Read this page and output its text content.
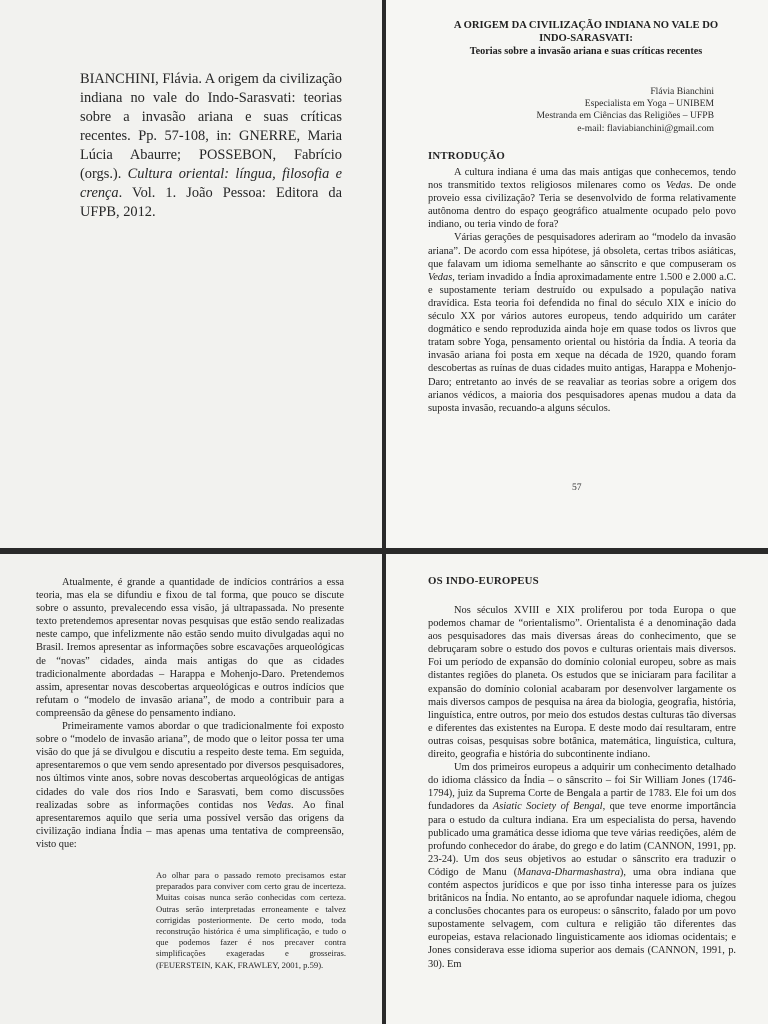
BIANCHINI, Flávia. A origem da civilização indiana no vale do Indo-Sarasvati: teorias sobre a invasão ariana e suas críticas recentes. Pp. 57-108, in: GNERRE, Maria Lúcia Abaurre; POSSEBON, Fabrício (orgs.). Cultura oriental: língua, filosofia e crença. Vol. 1. João Pessoa: Editora da UFPB, 2012.
A ORIGEM DA CIVILIZAÇÃO INDIANA NO VALE DO
INDO-SARASVATI:
Teorias sobre a invasão ariana e suas críticas recentes
Flávia Bianchini
Especialista em Yoga – UNIBEM
Mestranda em Ciências das Religiões – UFPB
e-mail: flaviabianchini@gmail.com
INTRODUÇÃO

A cultura indiana é uma das mais antigas que conhecemos, tendo nos transmitido textos religiosos milenares como os Vedas. De onde proveio essa civilização? Teria se desenvolvido de forma relativamente autônoma dentro do espaço geográfico atualmente ocupado pelo povo indiano, ou teria vindo de fora?

Várias gerações de pesquisadores aderiram ao “modelo da invasão ariana”. De acordo com essa hipótese, já obsoleta, certas tribos asiáticas, que falavam um idioma semelhante ao sânscrito e que compuseram os Vedas, teriam invadido a Índia aproximadamente entre 1.500 e 2.000 a.C. e supostamente teriam destruído ou expulsado a população nativa dravídica. Esta teoria foi defendida no final do século XIX e início do século XX por vários autores europeus, tendo adquirido um caráter dogmático e sendo reproduzida ainda hoje em quase todos os livros que tratam sobre Yoga, pensamento oriental ou história da Índia. A teoria da invasão ariana foi posta em xeque na década de 1920, quando foram descobertas as ruínas de duas cidades muito antigas, Harappa e Mohenjo-Daro; entretanto ao invés de se reavaliar as teorias sobre a origem dos arianos védicos, a maioria dos pesquisadores apenas mudou a data da suposta invasão, recuando-a alguns séculos.

57

Atualmente, é grande a quantidade de indícios contrários a essa teoria, mas ela se difundiu e fixou de tal forma, que pouco se discute sobre o assunto, prevalecendo essa visão, já ultrapassada. No presente texto pretendemos apresentar novas pesquisas que estão sendo realizadas neste campo, que infelizmente não estão sendo muito divulgadas aqui no Brasil. Iremos apresentar as informações sobre escavações arqueológicas de “novas” cidades, ainda mais antigas do que as cidades tradicionalmente abordadas – Harappa e Mohenjo-Daro. Pretendemos assim, apresentar novas descobertas arqueológicas e outros indícios que refutam o “modelo de invasão ariana”, de modo a contribuir para a compreensão da gênese do pensamento indiano.

Primeiramente vamos abordar o que tradicionalmente foi exposto sobre o “modelo de invasão ariana”, de modo que o leitor possa ter uma visão do que já se divulgou e discutiu a respeito deste tema. Em seguida, apresentaremos o que vem sendo apresentado por diversos pesquisadores, nos últimos vinte anos, sobre novas descobertas arqueológicas de antigas cidades do vale dos rios Indo e Sarasvati, bem como discussões realizadas sobre as informações contidas nos Vedas. Ao final apresentaremos aquilo que seria uma possível versão das origens da civilização indiana Índia – mas apenas uma tentativa de compreensão, visto que:

Ao olhar para o passado remoto precisamos estar preparados para conviver com certo grau de incerteza. Muitas coisas nunca serão conhecidas com certeza. Outras serão interpretadas erroneamente e talvez corrigidas posteriormente. De certo modo, toda reconstrução histórica é uma simplificação, e tudo o que podemos fazer é nos precaver contra simplificações exageradas e grosseiras. (FEUERSTEIN, KAK, FRAWLEY, 2001, p.59).
OS INDO-EUROPEUS

Nos séculos XVIII e XIX proliferou por toda Europa o que podemos chamar de “orientalismo”. Orientalista é a denominação dada aos pesquisadores das mais diversas áreas do conhecimento, que se debruçaram sobre o estudo dos povos e culturas orientais mais diversos. Foi um período de expansão do domínio colonial europeu, sobre as mais distantes regiões do planeta. Os estudos que se iniciaram para facilitar a expansão do domínio colonial acabaram por desenvolver largamente os mais diversos campos de pesquisa na área da biologia, geografia, história, linguística, entre outros, por meio dos estudos destas culturas tão diversas e diferentes das existentes na Europa. E deste modo daí resultaram, entre outras coisas, pesquisas sobre botânica, matemática, linguística, cultura, direito, geografia e história do subcontinente indiano.

Um dos primeiros europeus a adquirir um conhecimento detalhado do idioma clássico da Índia – o sânscrito – foi Sir William Jones (1746-1794), juiz da Suprema Corte de Bengala a partir de 1783. Ele foi um dos fundadores da Asiatic Society of Bengal, que teve enorme importância para o estudo da cultura indiana. Era um especialista do persa, havendo publicado uma gramática desse idioma que teve várias reedições, além de profundo conhecedor do árabe, do grego e do latim (CANNON, 1991, pp. 23-24). Um dos seus objetivos ao estudar o sânscrito era traduzir o Código de Manu (Manava-Dharmashastra), uma obra indiana que contém aspectos jurídicos e que por isso tinha interesse para os juízes britânicos na Índia. No entanto, ao se aprofundar naquele idioma, chegou a conclusões chocantes para os europeus: o sânscrito, falado por um povo supostamente selvagem, com cultura e religião tão diferentes das europeias, estava relacionado linguisticamente aos idiomas ocidentais; e Jones considerava esse idioma superior aos demais (CANNON, 1991, p. 30). Em
